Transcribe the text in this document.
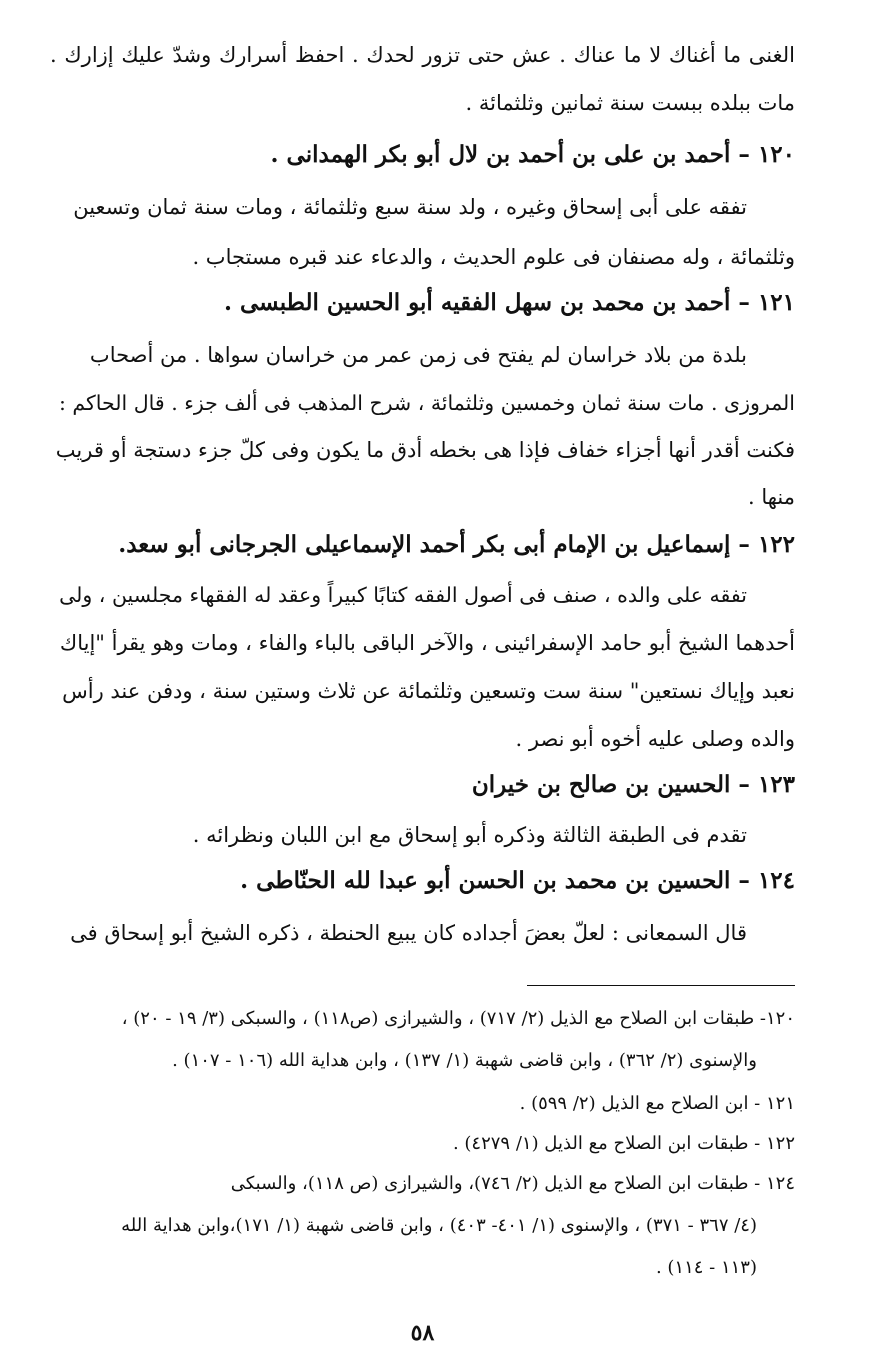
الغنى ما أغناك لا ما عناك . عش حتى تزور لحدك . احفظ أسرارك وشدّ عليك إزارك .
مات ببلده ببست سنة ثمانين وثلثمائة .
١٢٠ – أحمد بن على بن أحمد بن لال أبو بكر الهمدانى .
تفقه على أبى إسحاق وغيره ، ولد سنة سبع وثلثمائة ، ومات سنة ثمان وتسعين
وثلثمائة ، وله مصنفان فى علوم الحديث ، والدعاء عند قبره مستجاب .
١٢١ – أحمد بن محمد بن سهل الفقيه أبو الحسين الطبسى .
بلدة من بلاد خراسان لم يفتح فى زمن عمر من خراسان سواها . من أصحاب
المروزى . مات سنة ثمان وخمسين وثلثمائة ، شرح المذهب فى ألف جزء . قال الحاكم :
فكنت أقدر أنها أجزاء خفاف فإذا هى بخطه أدق ما يكون وفى كلّ جزء دستجة أو قريب
منها .
١٢٢ – إسماعيل بن الإمام أبى بكر أحمد الإسماعيلى الجرجانى أبو سعد.
تفقه على والده ، صنف فى أصول الفقه كتابًا كبيراً وعقد له الفقهاء مجلسين ، ولى
أحدهما الشيخ أبو حامد الإسفرائينى ، والآخر الباقى بالباء والفاء ، ومات وهو يقرأ "إياك
نعبد وإياك نستعين" سنة ست وتسعين وثلثمائة عن ثلاث وستين سنة ، ودفن عند رأس
والده وصلى عليه أخوه أبو نصر .
١٢٣ – الحسين بن صالح بن خيران
تقدم فى الطبقة الثالثة وذكره أبو إسحاق مع ابن اللبان ونظرائه .
١٢٤ – الحسين بن محمد بن الحسن أبو عبدا لله الحنّاطى .
قال السمعانى : لعلّ بعضَ أجداده كان يبيع الحنطة ، ذكره الشيخ أبو إسحاق فى
١٢٠- طبقات ابن الصلاح مع الذيل (٢/ ٧١٧) ، والشيرازى (ص١١٨) ، والسبكى (٣/ ١٩ - ٢٠) ،
والإسنوى (٢/ ٣٦٢) ، وابن قاضى شهبة (١/ ١٣٧) ، وابن هداية الله (١٠٦ - ١٠٧) .
١٢١ - ابن الصلاح مع الذيل (٢/ ٥٩٩) .
١٢٢ - طبقات ابن الصلاح مع الذيل (١/ ٤٢٧٩) .
١٢٤ - طبقات ابن الصلاح مع الذيل (٢/ ٧٤٦)، والشيرازى (ص ١١٨)، والسبكى
(٤/ ٣٦٧ - ٣٧١) ، والإسنوى (١/ ٤٠١- ٤٠٣) ، وابن قاضى شهبة (١/ ١٧١)،وابن هداية الله
(١١٣ - ١١٤) .
٥٨
